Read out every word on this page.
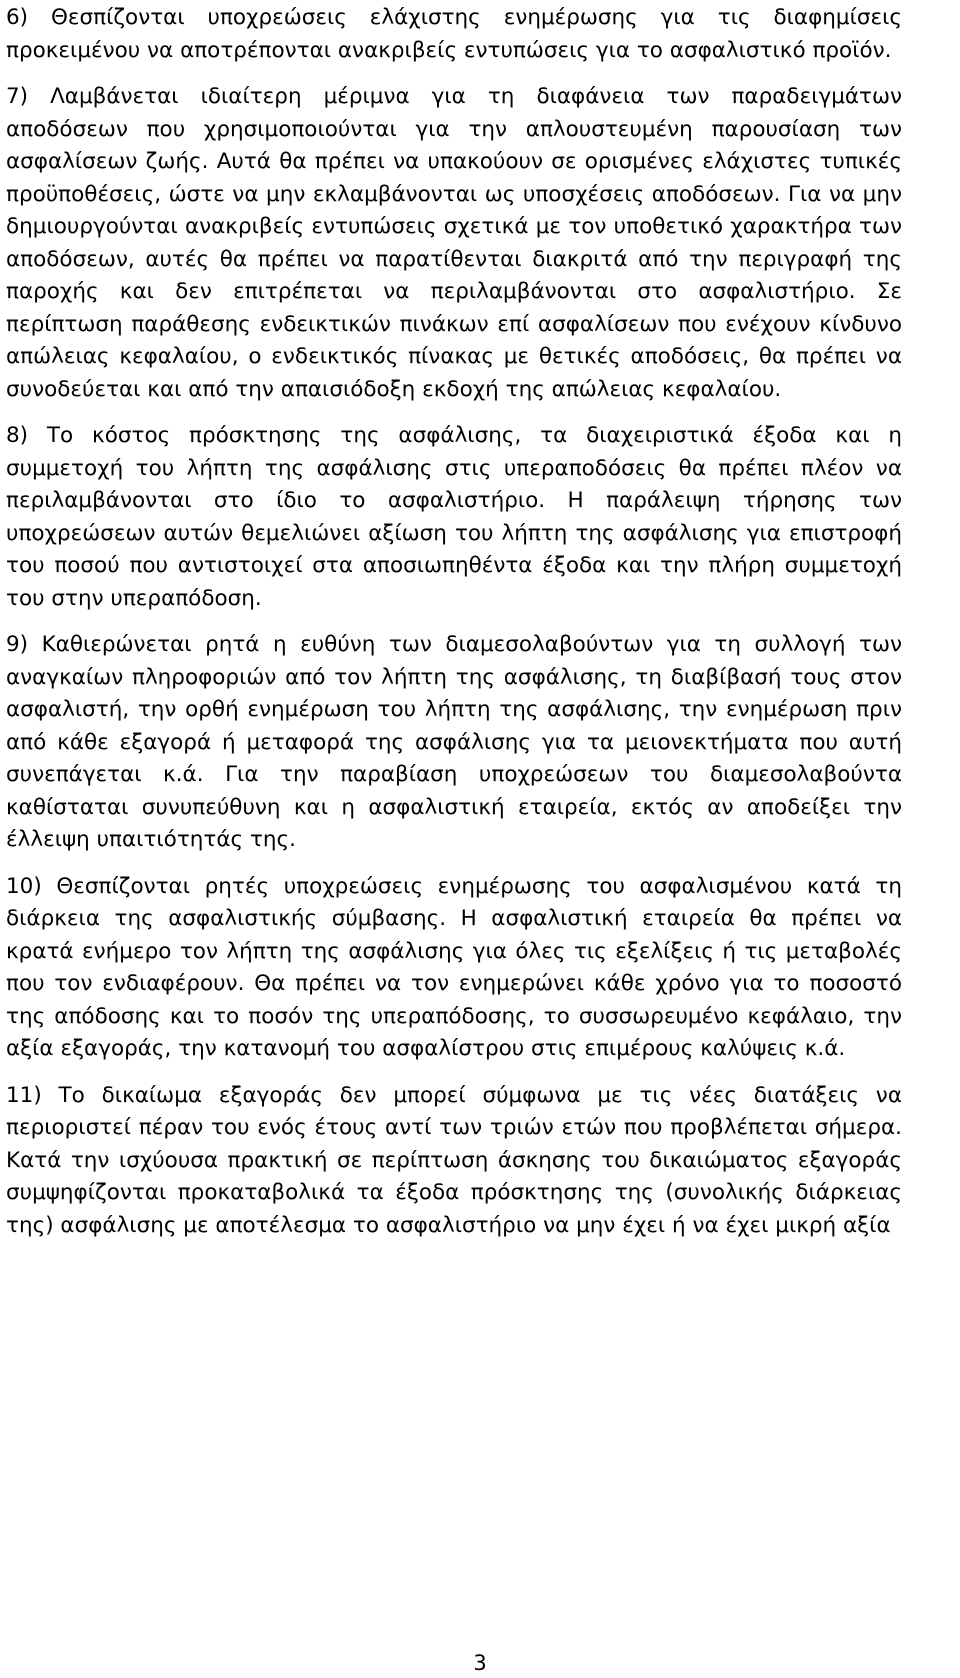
6) Θεσπίζονται υποχρεώσεις ελάχιστης ενημέρωσης για τις διαφημίσεις προκειμένου να αποτρέπονται ανακριβείς εντυπώσεις για το ασφαλιστικό προϊόν.

7) Λαμβάνεται ιδιαίτερη μέριμνα για τη διαφάνεια των παραδειγμάτων αποδόσεων που χρησιμοποιούνται για την απλουστευμένη παρουσίαση των ασφαλίσεων ζωής. Αυτά θα πρέπει να υπακούουν σε ορισμένες ελάχιστες τυπικές προϋποθέσεις, ώστε να μην εκλαμβάνονται ως υποσχέσεις αποδόσεων. Για να μην δημιουργούνται ανακριβείς εντυπώσεις σχετικά με τον υποθετικό χαρακτήρα των αποδόσεων, αυτές θα πρέπει να παρατίθενται διακριτά από την περιγραφή της παροχής και δεν επιτρέπεται να περιλαμβάνονται στο ασφαλιστήριο. Σε περίπτωση παράθεσης ενδεικτικών πινάκων επί ασφαλίσεων που ενέχουν κίνδυνο απώλειας κεφαλαίου, ο ενδεικτικός πίνακας με θετικές αποδόσεις, θα πρέπει να συνοδεύεται και από την απαισιόδοξη εκδοχή της απώλειας κεφαλαίου.

8) Το κόστος πρόσκτησης της ασφάλισης, τα διαχειριστικά έξοδα και η συμμετοχή του λήπτη της ασφάλισης στις υπεραποδόσεις θα πρέπει πλέον να περιλαμβάνονται στο ίδιο το ασφαλιστήριο. Η παράλειψη τήρησης των υποχρεώσεων αυτών θεμελιώνει αξίωση του λήπτη της ασφάλισης για επιστροφή του ποσού που αντιστοιχεί στα αποσιωπηθέντα έξοδα και την πλήρη συμμετοχή του στην υπεραπόδοση.

9) Καθιερώνεται ρητά η ευθύνη των διαμεσολαβούντων για τη συλλογή των αναγκαίων πληροφοριών από τον λήπτη της ασφάλισης, τη διαβίβασή τους στον ασφαλιστή, την ορθή ενημέρωση του λήπτη της ασφάλισης, την ενημέρωση πριν από κάθε εξαγορά ή μεταφορά της ασφάλισης για τα μειονεκτήματα που αυτή συνεπάγεται κ.ά. Για την παραβίαση υποχρεώσεων του διαμεσολαβούντα καθίσταται συνυπεύθυνη και η ασφαλιστική εταιρεία, εκτός αν αποδείξει την έλλειψη υπαιτιότητάς της.

10) Θεσπίζονται ρητές υποχρεώσεις ενημέρωσης του ασφαλισμένου κατά τη διάρκεια της ασφαλιστικής σύμβασης. Η ασφαλιστική εταιρεία θα πρέπει να κρατά ενήμερο τον λήπτη της ασφάλισης για όλες τις εξελίξεις ή τις μεταβολές που τον ενδιαφέρουν. Θα πρέπει να τον ενημερώνει κάθε χρόνο για το ποσοστό της απόδοσης και το ποσόν της υπεραπόδοσης, το συσσωρευμένο κεφάλαιο, την αξία εξαγοράς, την κατανομή του ασφαλίστρου στις επιμέρους καλύψεις κ.ά.

11) Το δικαίωμα εξαγοράς δεν μπορεί σύμφωνα με τις νέες διατάξεις να περιοριστεί πέραν του ενός έτους αντί των τριών ετών που προβλέπεται σήμερα. Κατά την ισχύουσα πρακτική σε περίπτωση άσκησης του δικαιώματος εξαγοράς συμψηφίζονται προκαταβολικά τα έξοδα πρόσκτησης της (συνολικής διάρκειας της) ασφάλισης με αποτέλεσμα το ασφαλιστήριο να μην έχει ή να έχει μικρή αξία

3
